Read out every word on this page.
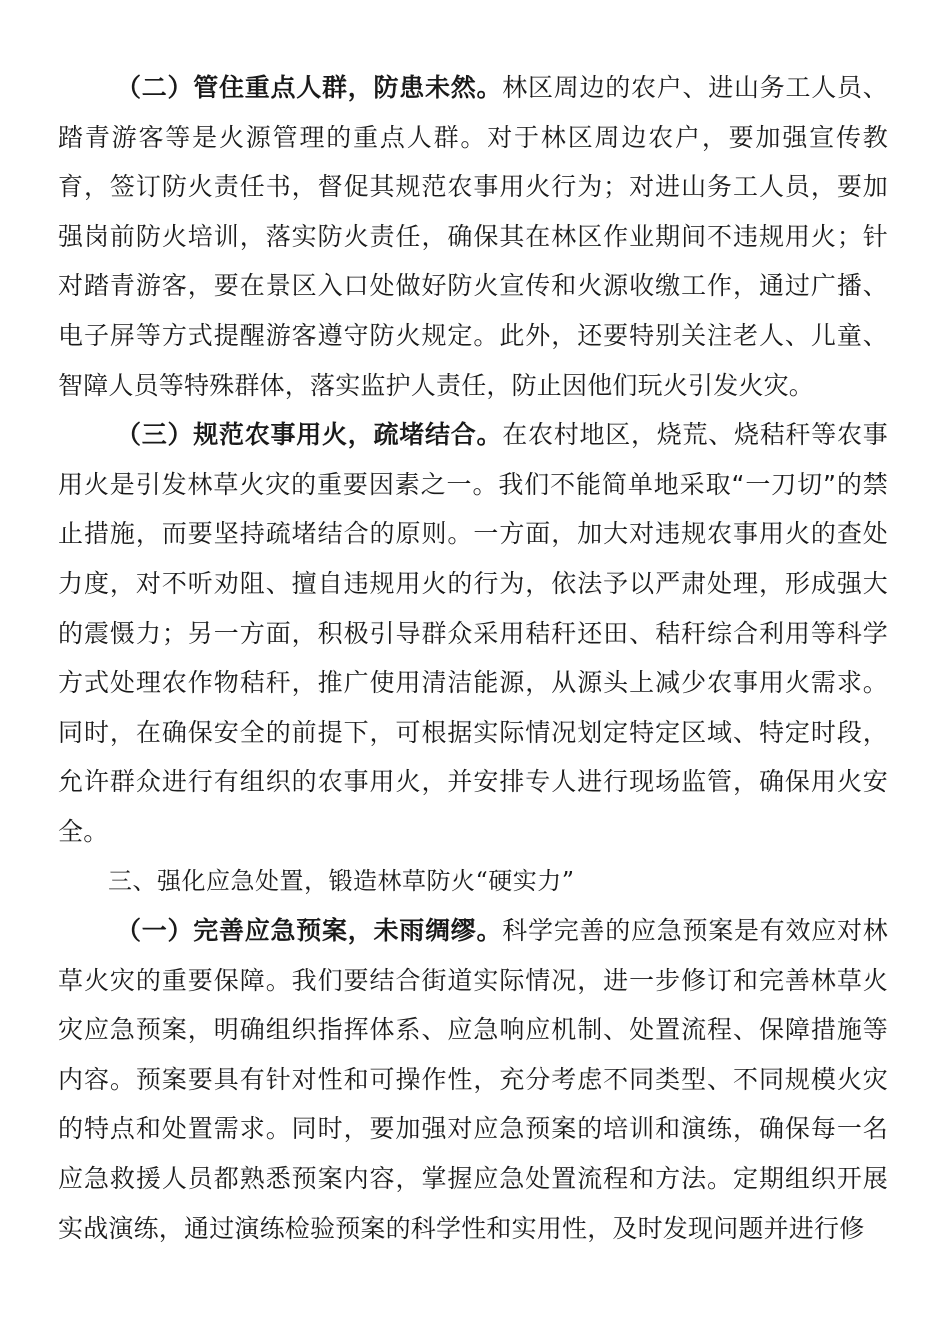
（二）管住重点人群，防患未然。林区周边的农户、进山务工人员、踏青游客等是火源管理的重点人群。对于林区周边农户，要加强宣传教育，签订防火责任书，督促其规范农事用火行为；对进山务工人员，要加强岗前防火培训，落实防火责任，确保其在林区作业期间不违规用火；针对踏青游客，要在景区入口处做好防火宣传和火源收缴工作，通过广播、电子屏等方式提醒游客遵守防火规定。此外，还要特别关注老人、儿童、智障人员等特殊群体，落实监护人责任，防止因他们玩火引发火灾。

（三）规范农事用火，疏堵结合。在农村地区，烧荒、烧秸秆等农事用火是引发林草火灾的重要因素之一。我们不能简单地采取“一刀切”的禁止措施，而要坚持疏堵结合的原则。一方面，加大对违规农事用火的查处力度，对不听劝阻、擅自违规用火的行为，依法予以严肃处理，形成强大的震慑力；另一方面，积极引导群众采用秸秆还田、秸秆综合利用等科学方式处理农作物秸秆，推广使用清洁能源，从源头上减少农事用火需求。同时，在确保安全的前提下，可根据实际情况划定特定区域、特定时段，允许群众进行有组织的农事用火，并安排专人进行现场监管，确保用火安全。

三、强化应急处置，锻造林草防火“硬实力”

（一）完善应急预案，未雨绸缪。科学完善的应急预案是有效应对林草火灾的重要保障。我们要结合街道实际情况，进一步修订和完善林草火灾应急预案，明确组织指挥体系、应急响应机制、处置流程、保障措施等内容。预案要具有针对性和可操作性，充分考虑不同类型、不同规模火灾的特点和处置需求。同时，要加强对应急预案的培训和演练，确保每一名应急救援人员都熟悉预案内容，掌握应急处置流程和方法。定期组织开展实战演练，通过演练检验预案的科学性和实用性，及时发现问题并进行修
